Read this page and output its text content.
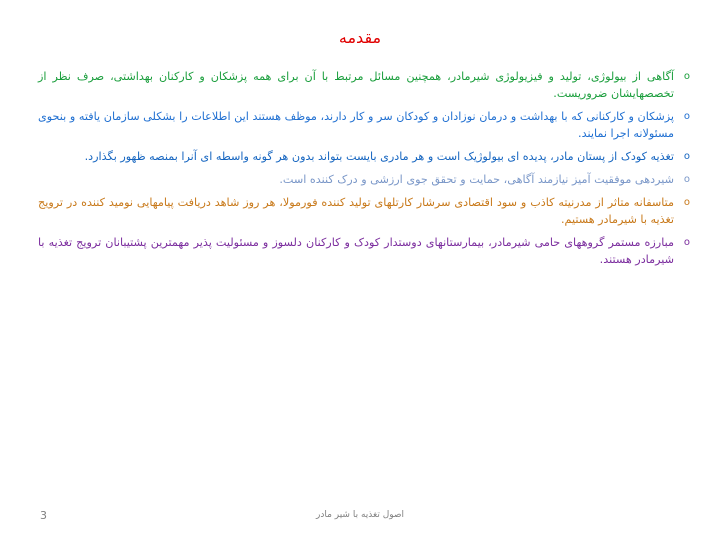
مقدمه
o
آگاهی از بیولوژی، تولید و فیزیولوژی شیرمادر، همچنین مسائل مرتبط با آن برای همه پزشکان و کارکنان بهداشتی، صرف نظر از تخصصهایشان ضروریست.
o
پزشکان و کارکنانی که با بهداشت و درمان نوزادان و کودکان سر و کار دارند، موظف هستند این اطلاعات را بشکلی سازمان یافته و بنحوی مسئولانه اجرا نمایند.
o
تغذیه کودک از پستان مادر، پدیده ای بیولوژیک است و هر مادری بایست بتواند بدون هر گونه واسطه ای آنرا بمنصه ظهور بگذارد.
o
شیردهی موفقیت آمیز نیازمند آگاهی، حمایت و تحقق جوی ارزشی و درک کننده است.
o
متاسفانه متاثر از مدرنیته کاذب و سود اقتصادی سرشار کارتلهای تولید کننده فورمولا، هر روز شاهد دریافت پیامهایی نومید کننده در ترویج تغذیه با شیرمادر هستیم.
o
مبارزه مستمر گروههای حامی شیرمادر، بیمارستانهای دوستدار کودک و کارکنان دلسوز و مسئولیت پذیر مهمترین پشتیبانان ترویج تغذیه با شیرمادر هستند.
اصول تغذیه با شیر مادر
3
